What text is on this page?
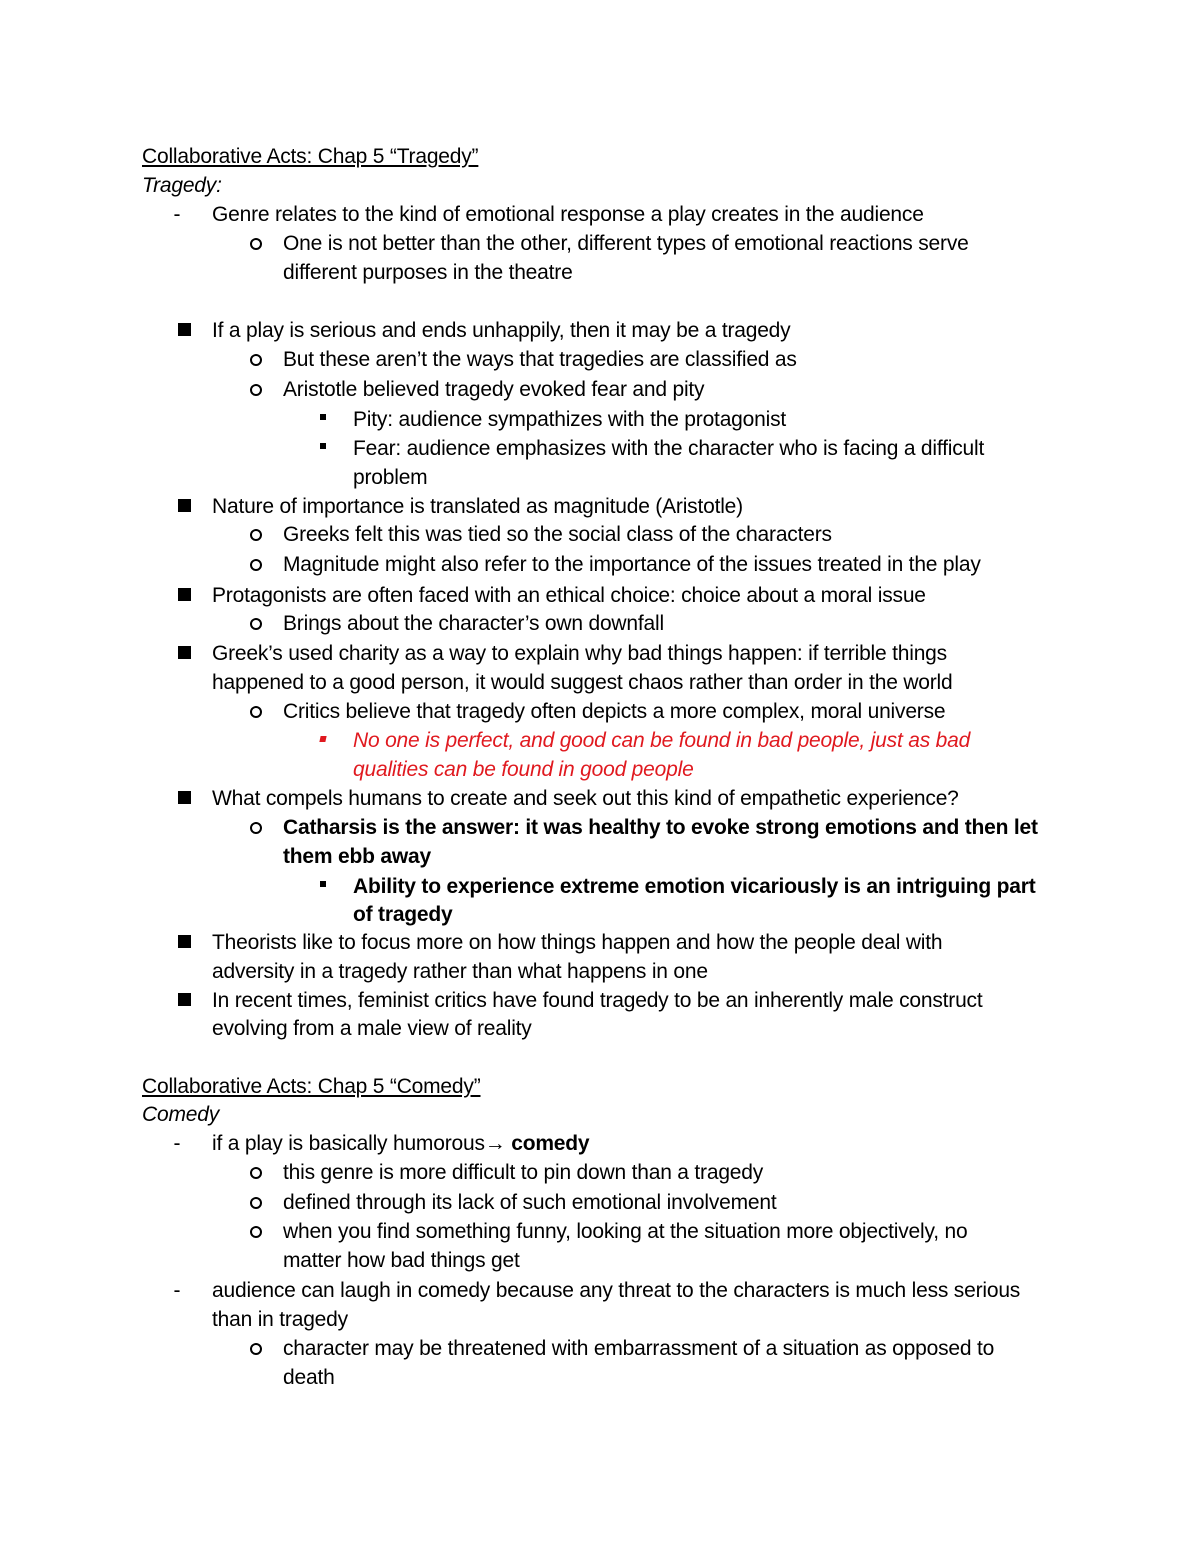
Collaborative Acts: Chap 5 “Tragedy”
Tragedy:
- Genre relates to the kind of emotional response a play creates in the audience
One is not better than the other, different types of emotional reactions serve
different purposes in the theatre
If a play is serious and ends unhappily, then it may be a tragedy
But these aren’t the ways that tragedies are classified as
Aristotle believed tragedy evoked fear and pity
Pity: audience sympathizes with the protagonist
Fear: audience emphasizes with the character who is facing a difficult
problem
Nature of importance is translated as magnitude (Aristotle)
Greeks felt this was tied so the social class of the characters
Magnitude might also refer to the importance of the issues treated in the play
Protagonists are often faced with an ethical choice: choice about a moral issue
Brings about the character’s own downfall
Greek’s used charity as a way to explain why bad things happen: if terrible things
happened to a good person, it would suggest chaos rather than order in the world
Critics believe that tragedy often depicts a more complex, moral universe
No one is perfect, and good can be found in bad people, just as bad
qualities can be found in good people
What compels humans to create and seek out this kind of empathetic experience?
Catharsis is the answer: it was healthy to evoke strong emotions and then let
them ebb away
Ability to experience extreme emotion vicariously is an intriguing part
of tragedy
Theorists like to focus more on how things happen and how the people deal with
adversity in a tragedy rather than what happens in one
In recent times, feminist critics have found tragedy to be an inherently male construct
evolving from a male view of reality
Collaborative Acts: Chap 5 “Comedy”
Comedy
- if a play is basically humorous→ comedy
this genre is more difficult to pin down than a tragedy
defined through its lack of such emotional involvement
when you find something funny, looking at the situation more objectively, no
matter how bad things get
- audience can laugh in comedy because any threat to the characters is much less serious
than in tragedy
character may be threatened with embarrassment of a situation as opposed to
death
